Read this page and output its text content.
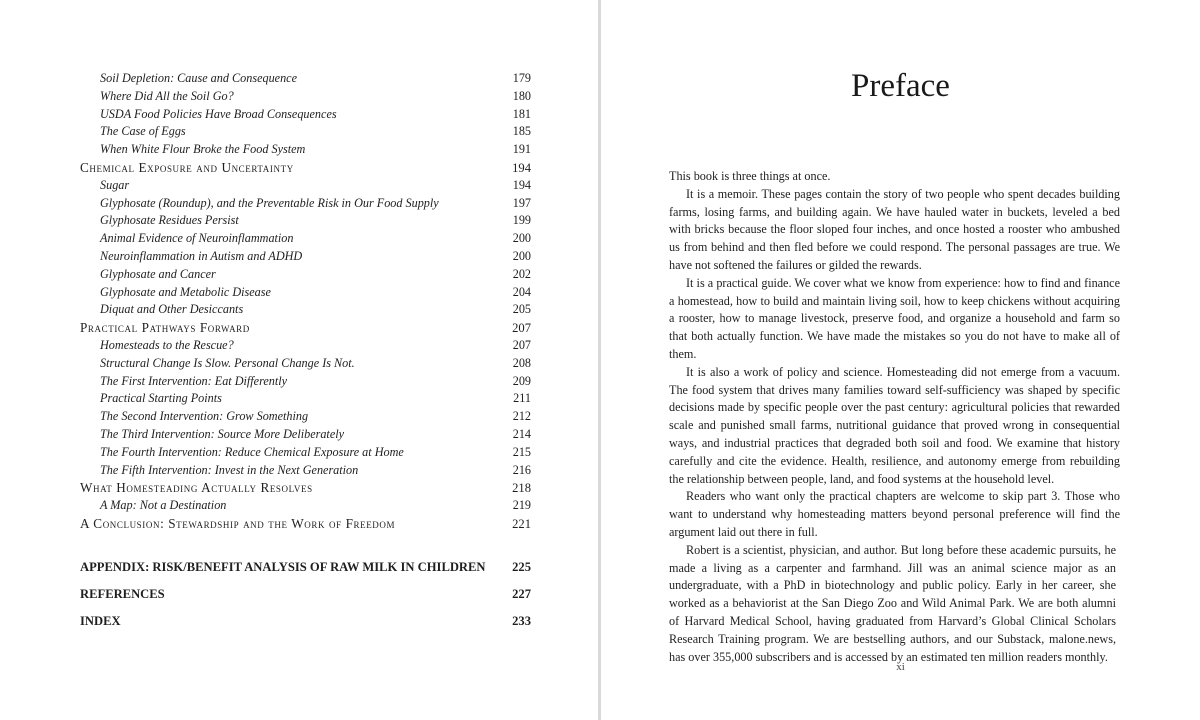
Soil Depletion: Cause and Consequence	179
Where Did All the Soil Go?	180
USDA Food Policies Have Broad Consequences	181
The Case of Eggs	185
When White Flour Broke the Food System	191
Chemical Exposure and Uncertainty	194
Sugar	194
Glyphosate (Roundup), and the Preventable Risk in Our Food Supply	197
Glyphosate Residues Persist	199
Animal Evidence of Neuroinflammation	200
Neuroinflammation in Autism and ADHD	200
Glyphosate and Cancer	202
Glyphosate and Metabolic Disease	204
Diquat and Other Desiccants	205
Practical Pathways Forward	207
Homesteads to the Rescue?	207
Structural Change Is Slow. Personal Change Is Not.	208
The First Intervention: Eat Differently	209
Practical Starting Points	211
The Second Intervention: Grow Something	212
The Third Intervention: Source More Deliberately	214
The Fourth Intervention: Reduce Chemical Exposure at Home	215
The Fifth Intervention: Invest in the Next Generation	216
What Homesteading Actually Resolves	218
A Map: Not a Destination	219
A Conclusion: Stewardship and the Work of Freedom	221
APPENDIX: RISK/BENEFIT ANALYSIS OF RAW MILK IN CHILDREN 225
REFERENCES	227
INDEX	233
Preface

This book is three things at once.

It is a memoir. These pages contain the story of two people who spent decades building farms, losing farms, and building again. We have hauled water in buckets, leveled a bed with bricks because the floor sloped four inches, and once hosted a rooster who ambushed us from behind and then fled before we could respond. The personal passages are true. We have not softened the failures or gilded the rewards.

It is a practical guide. We cover what we know from experience: how to find and finance a homestead, how to build and maintain living soil, how to keep chickens without acquiring a rooster, how to manage livestock, preserve food, and organize a household and farm so that both actually function. We have made the mistakes so you do not have to make all of them.

It is also a work of policy and science. Homesteading did not emerge from a vacuum. The food system that drives many families toward self-sufficiency was shaped by specific decisions made by specific people over the past century: agricultural policies that rewarded scale and punished small farms, nutritional guidance that proved wrong in consequential ways, and industrial practices that degraded both soil and food. We examine that history carefully and cite the evidence. Health, resilience, and autonomy emerge from rebuilding the relationship between people, land, and food systems at the household level.

Readers who want only the practical chapters are welcome to skip part 3. Those who want to understand why homesteading matters beyond personal preference will find the argument laid out there in full.

Robert is a scientist, physician, and author. But long before these academic pursuits, he made a living as a carpenter and farmhand. Jill was an animal science major as an undergraduate, with a PhD in biotechnology and public policy. Early in her career, she worked as a behaviorist at the San Diego Zoo and Wild Animal Park. We are both alumni of Harvard Medical School, having graduated from Harvard’s Global Clinical Scholars Research Training program. We are bestselling authors, and our Substack, malone.news, has over 355,000 subscribers and is accessed by an estimated ten million readers monthly.

xi
